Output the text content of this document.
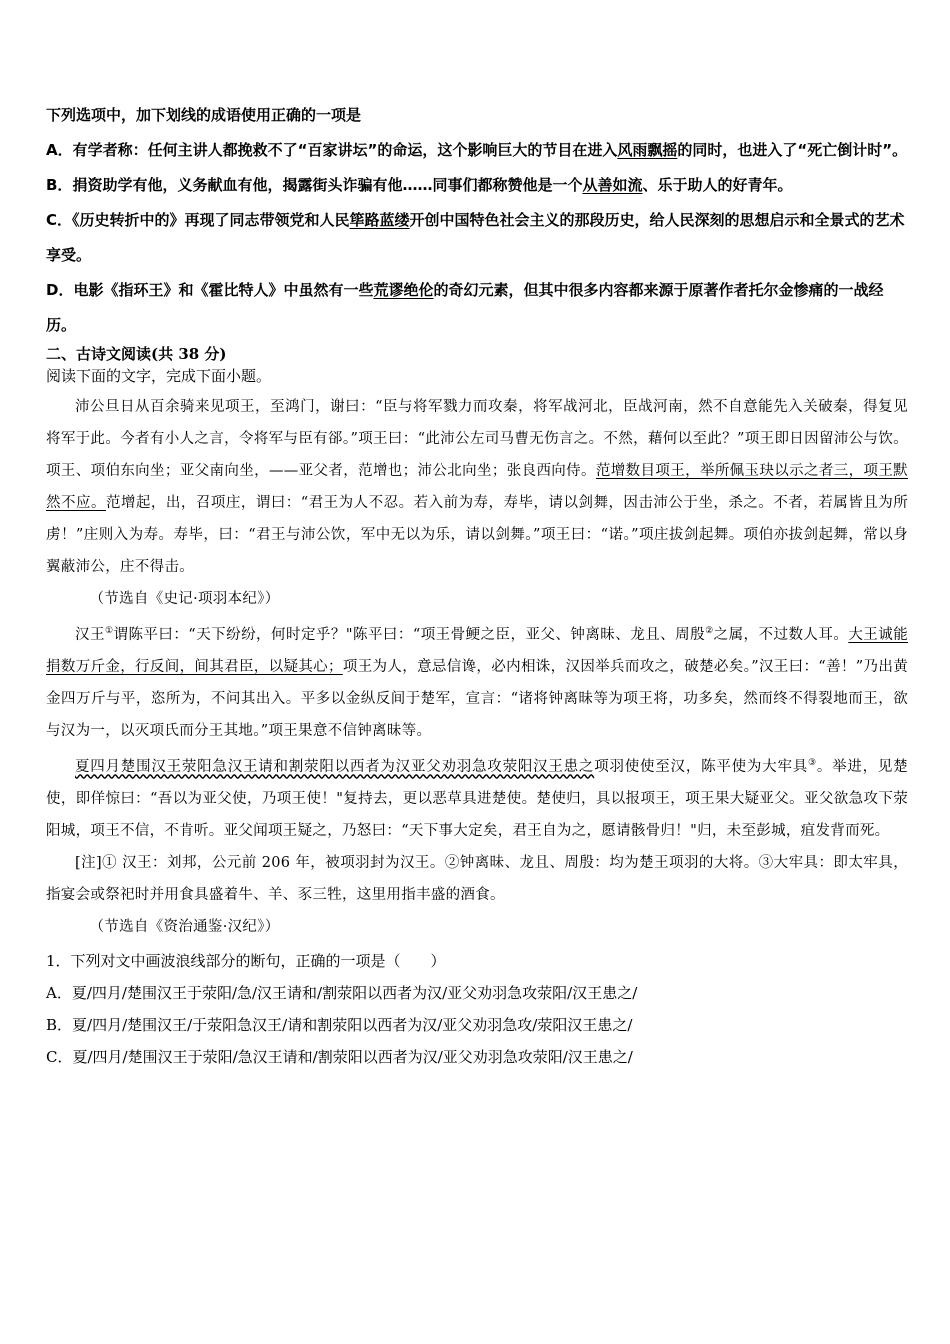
下列选项中，加下划线的成语使用正确的一项是

A．有学者称：任何主讲人都挽救不了“百家讲坛”的命运，这个影响巨大的节目在进入风雨飘摇的同时，也进入了“死亡倒计时”。

B．捐资助学有他，义务献血有他，揭露街头诈骗有他……同事们都称赞他是一个从善如流、乐于助人的好青年。

C．《历史转折中的》再现了同志带领党和人民筚路蓝缕开创中国特色社会主义的那段历史，给人民深刻的思想启示和全景式的艺术享受。

D．电影《指环王》和《霍比特人》中虽然有一些荒谬绝伦的奇幻元素，但其中很多内容都来源于原著作者托尔金惨痛的一战经历。

二、古诗文阅读(共 38 分)

阅读下面的文字，完成下面小题。

沛公旦日从百余骑来见项王，至鸿门，谢曰：“臣与将军戮力而攻秦，将军战河北，臣战河南，然不自意能先入关破秦，得复见将军于此。今者有小人之言，令将军与臣有郤。”项王曰：“此沛公左司马曹无伤言之。不然，藉何以至此？”项王即日因留沛公与饮。项王、项伯东向坐；亚父南向坐，——亚父者，范增也；沛公北向坐；张良西向侍。范增数目项王，举所佩玉玦以示之者三，项王默然不应。范增起，出，召项庄，谓曰：“君王为人不忍。若入前为寿，寿毕，请以剑舞，因击沛公于坐，杀之。不者，若属皆且为所虏！”庄则入为寿。寿毕，曰：“君王与沛公饮，军中无以为乐，请以剑舞。”项王曰：“诺。”项庄拔剑起舞。项伯亦拔剑起舞，常以身翼蔽沛公，庄不得击。

（节选自《史记·项羽本纪》）

汉王①谓陈平曰：“天下纷纷，何时定乎？"陈平曰：“项王骨鲠之臣，亚父、钟离昧、龙且、周殷②之属，不过数人耳。大王诚能捐数万斤金，行反间，间其君臣，以疑其心；项王为人，意忌信谗，必内相诛，汉因举兵而攻之，破楚必矣。”汉王曰：“善！”乃出黄金四万斤与平，恣所为，不问其出入。平多以金纵反间于楚军，宣言：“诸将钟离昧等为项王将，功多矣，然而终不得裂地而王，欲与汉为一，以灭项氏而分王其地。”项王果意不信钟离昧等。

夏四月楚围汉王荥阳急汉王请和割荥阳以西者为汉亚父劝羽急攻荥阳汉王患之项羽使使至汉，陈平使为大牢具③。举进，见楚使，即佯惊曰：“吾以为亚父使，乃项王使！"复持去，更以恶草具进楚使。楚使归，具以报项王，项王果大疑亚父。亚父欲急攻下荥阳城，项王不信，不肯听。亚父闻项王疑之，乃怒曰：“天下事大定矣，君王自为之，愿请骸骨归！"归，未至彭城，疽发背而死。

[注]① 汉王：刘邦，公元前 206 年，被项羽封为汉王。②钟离昧、龙且、周殷：均为楚王项羽的大将。③大牢具：即太牢具，指宴会或祭祀时并用食具盛着牛、羊、豕三牲，这里用指丰盛的酒食。

（节选自《资治通鉴·汉纪》）

1．下列对文中画波浪线部分的断句，正确的一项是（　　）

A．夏/四月/楚围汉王于荥阳/急/汉王请和/割荥阳以西者为汉/亚父劝羽急攻荥阳/汉王患之/

B．夏/四月/楚围汉王/于荥阳急汉王/请和割荥阳以西者为汉/亚父劝羽急攻/荥阳汉王患之/

C．夏/四月/楚围汉王于荥阳/急汉王请和/割荥阳以西者为汉/亚父劝羽急攻荥阳/汉王患之/
